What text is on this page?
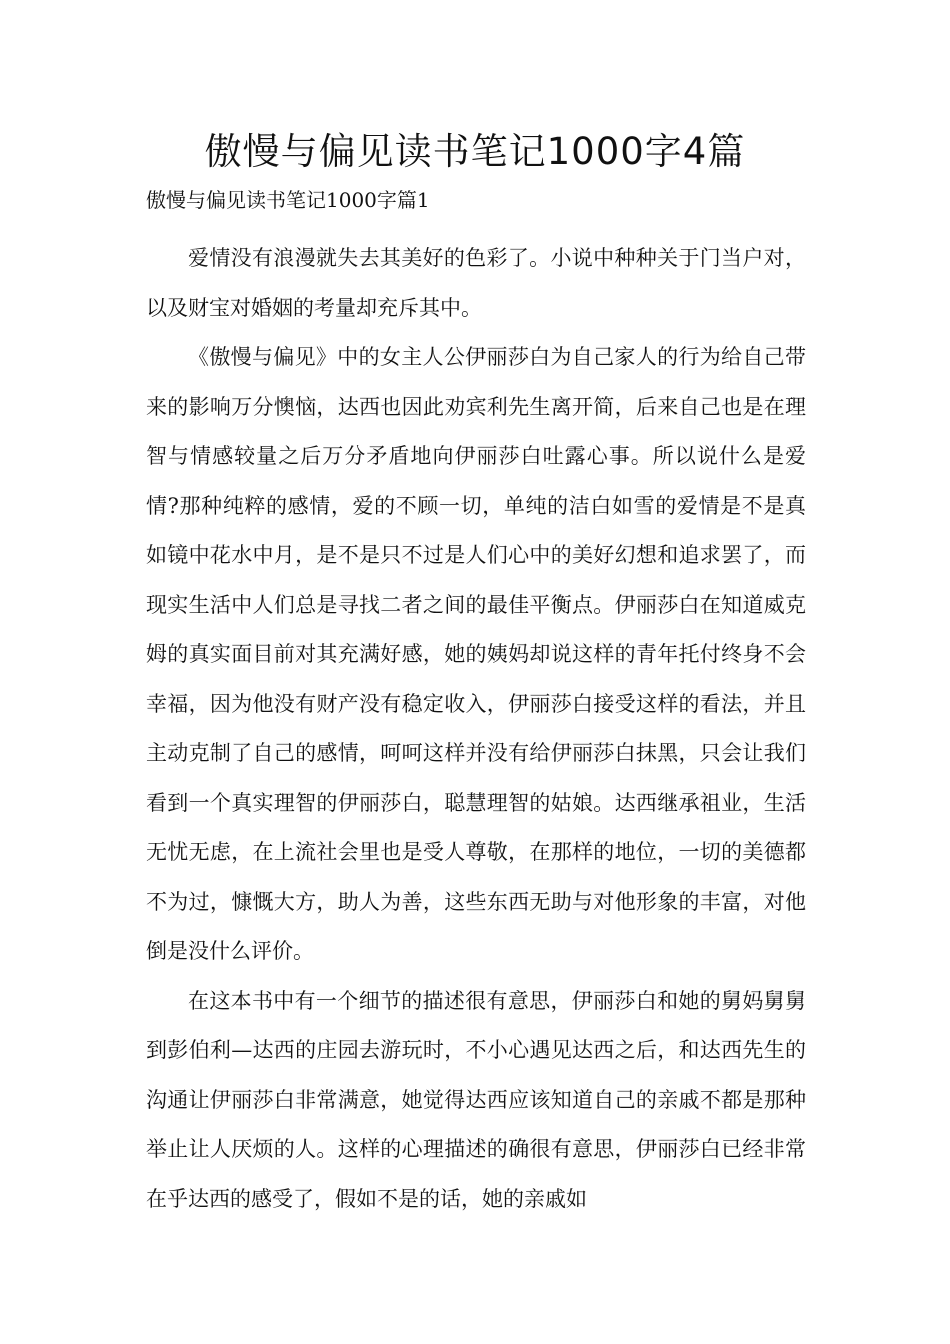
傲慢与偏见读书笔记1000字4篇
傲慢与偏见读书笔记1000字篇1

爱情没有浪漫就失去其美好的色彩了。小说中种种关于门当户对，以及财宝对婚姻的考量却充斥其中。

《傲慢与偏见》中的女主人公伊丽莎白为自己家人的行为给自己带来的影响万分懊恼，达西也因此劝宾利先生离开简，后来自己也是在理智与情感较量之后万分矛盾地向伊丽莎白吐露心事。所以说什么是爱情?那种纯粹的感情，爱的不顾一切，单纯的洁白如雪的爱情是不是真如镜中花水中月，是不是只不过是人们心中的美好幻想和追求罢了，而现实生活中人们总是寻找二者之间的最佳平衡点。伊丽莎白在知道威克姆的真实面目前对其充满好感，她的姨妈却说这样的青年托付终身不会幸福，因为他没有财产没有稳定收入，伊丽莎白接受这样的看法，并且主动克制了自己的感情，呵呵这样并没有给伊丽莎白抹黑，只会让我们看到一个真实理智的伊丽莎白，聪慧理智的姑娘。达西继承祖业，生活无忧无虑，在上流社会里也是受人尊敬，在那样的地位，一切的美德都不为过，慷慨大方，助人为善，这些东西无助与对他形象的丰富，对他倒是没什么评价。

在这本书中有一个细节的描述很有意思，伊丽莎白和她的舅妈舅舅到彭伯利—达西的庄园去游玩时，不小心遇见达西之后，和达西先生的沟通让伊丽莎白非常满意，她觉得达西应该知道自己的亲戚不都是那种举止让人厌烦的人。这样的心理描述的确很有意思，伊丽莎白已经非常在乎达西的感受了，假如不是的话，她的亲戚如
